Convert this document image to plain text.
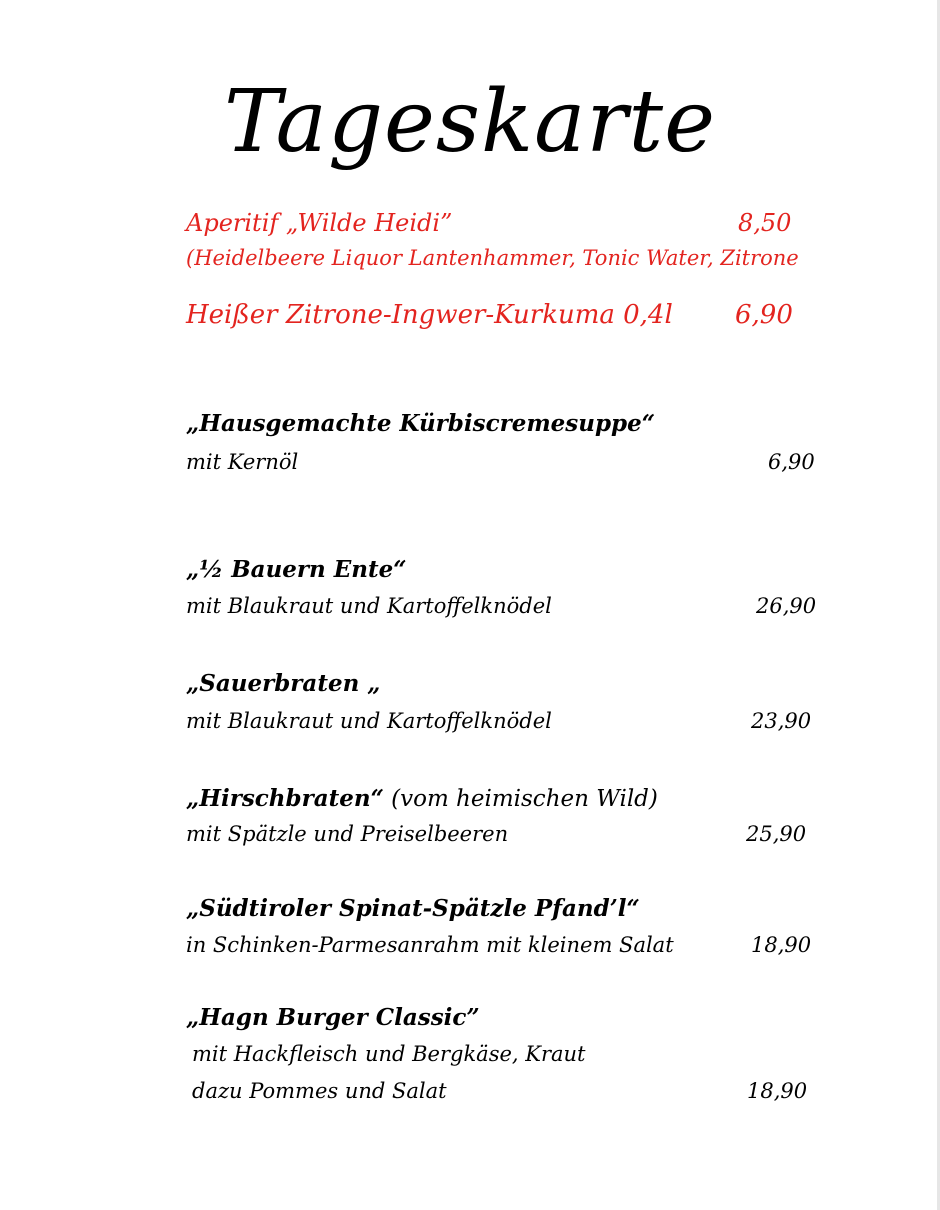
Tageskarte
Aperitif „Wilde Heidi”	8,50
(Heidelbeere Liquor Lantenhammer, Tonic Water, Zitrone
Heißer Zitrone-Ingwer-Kurkuma 0,4l 6,90
„Hausgemachte Kürbiscremesuppe“
mit Kernöl	6,90
„½ Bauern Ente“
mit Blaukraut und Kartoffelknödel	26,90
„Sauerbraten „
mit Blaukraut und Kartoffelknödel	23,90
„Hirschbraten“ (vom heimischen Wild)
mit Spätzle und Preiselbeeren	25,90
„Südtiroler Spinat-Spätzle Pfand’l“
in Schinken-Parmesanrahm mit kleinem Salat	18,90
„Hagn Burger Classic”
mit Hackfleisch und Bergkäse, Kraut
dazu Pommes und Salat	18,90
